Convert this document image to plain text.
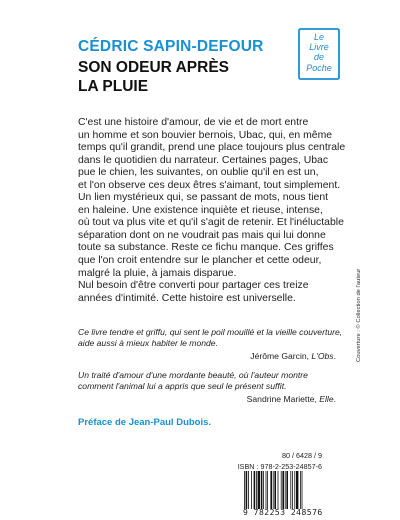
CÉDRIC SAPIN-DEFOUR
SON ODEUR APRÈS
LA PLUIE
Le
Livre
de
Poche
C'est une histoire d'amour, de vie et de mort entre
un homme et son bouvier bernois, Ubac, qui, en même
temps qu'il grandit, prend une place toujours plus centrale
dans le quotidien du narrateur. Certaines pages, Ubac
pue le chien, les suivantes, on oublie qu'il en est un,
et l'on observe ces deux êtres s'aimant, tout simplement.
Un lien mystérieux qui, se passant de mots, nous tient
en haleine. Une existence inquiète et rieuse, intense,
où tout va plus vite et qu'il s'agit de retenir. Et l'inéluctable
séparation dont on ne voudrait pas mais qui lui donne
toute sa substance. Reste ce fichu manque. Ces griffes
que l'on croit entendre sur le plancher et cette odeur,
malgré la pluie, à jamais disparue.
Nul besoin d'être converti pour partager ces treize
années d'intimité. Cette histoire est universelle.
Ce livre tendre et griffu, qui sent le poil mouillé et la vieille couverture,
aide aussi à mieux habiter le monde.
Jérôme Garcin, L'Obs.
Un traité d'amour d'une mordante beauté, où l'auteur montre
comment l'animal lui a appris que seul le présent suffit.
Sandrine Mariette, Elle.
Préface de Jean-Paul Dubois.
80 / 6428 / 9
ISBN : 978-2-253-24857-6
9 782253 248576
Couverture : © Collection de l'auteur
